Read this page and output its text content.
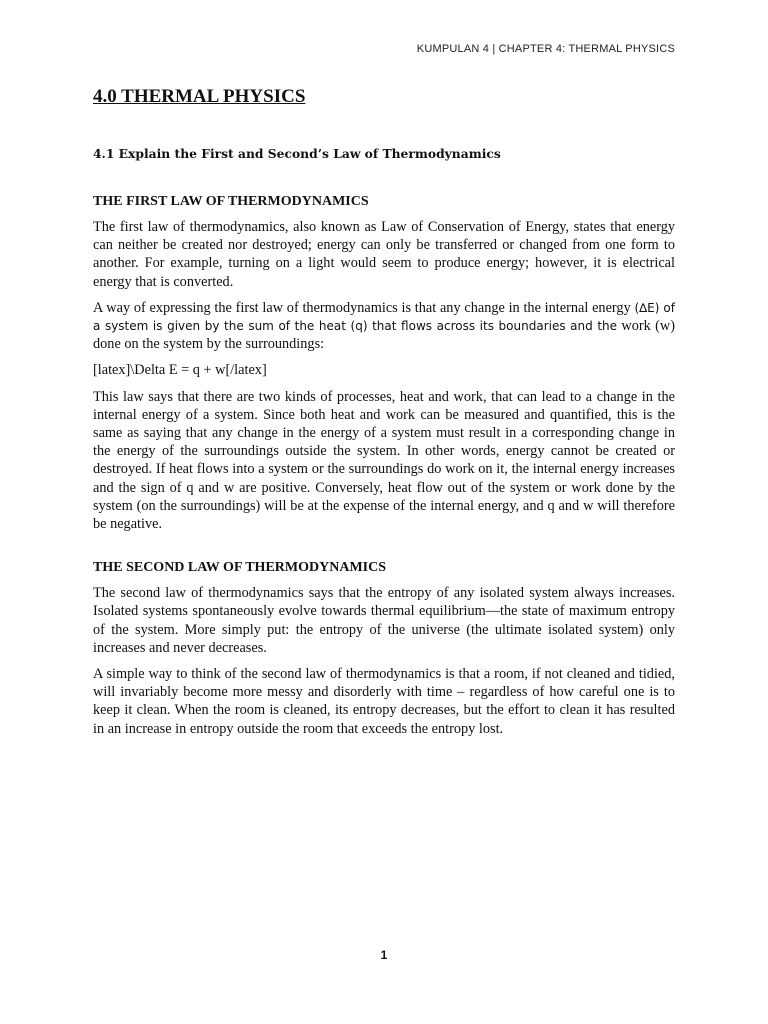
KUMPULAN 4 | CHAPTER 4: THERMAL PHYSICS
4.0 THERMAL PHYSICS
4.1 Explain the First and Second’s Law of Thermodynamics
THE FIRST LAW OF THERMODYNAMICS

The first law of thermodynamics, also known as Law of Conservation of Energy, states that energy can neither be created nor destroyed; energy can only be transferred or changed from one form to another. For example, turning on a light would seem to produce energy; however, it is electrical energy that is converted.

A way of expressing the first law of thermodynamics is that any change in the internal energy (∆E) of a system is given by the sum of the heat (q) that flows across its boundaries and the work (w) done on the system by the surroundings:

[latex]\Delta E = q + w[/latex]

This law says that there are two kinds of processes, heat and work, that can lead to a change in the internal energy of a system. Since both heat and work can be measured and quantified, this is the same as saying that any change in the energy of a system must result in a corresponding change in the energy of the surroundings outside the system. In other words, energy cannot be created or destroyed. If heat flows into a system or the surroundings do work on it, the internal energy increases and the sign of q and w are positive. Conversely, heat flow out of the system or work done by the system (on the surroundings) will be at the expense of the internal energy, and q and w will therefore be negative.

THE SECOND LAW OF THERMODYNAMICS

The second law of thermodynamics says that the entropy of any isolated system always increases. Isolated systems spontaneously evolve towards thermal equilibrium—the state of maximum entropy of the system. More simply put: the entropy of the universe (the ultimate isolated system) only increases and never decreases.

A simple way to think of the second law of thermodynamics is that a room, if not cleaned and tidied, will invariably become more messy and disorderly with time – regardless of how careful one is to keep it clean. When the room is cleaned, its entropy decreases, but the effort to clean it has resulted in an increase in entropy outside the room that exceeds the entropy lost.

1
